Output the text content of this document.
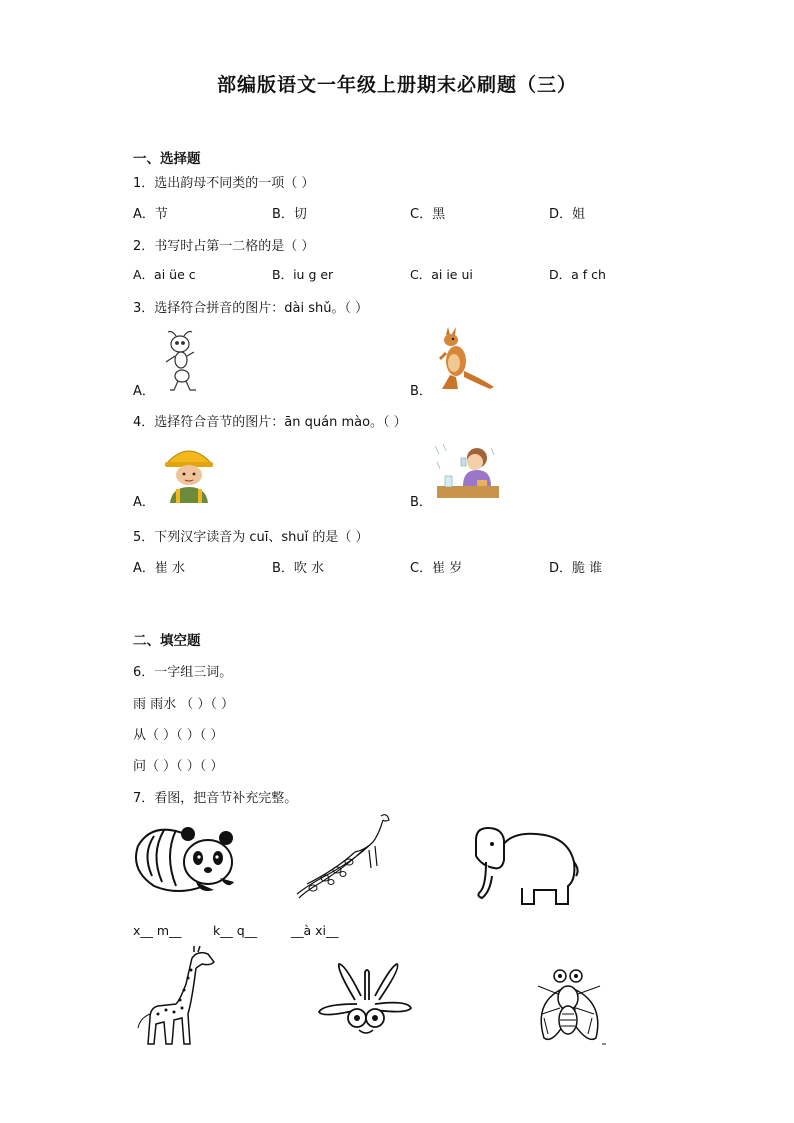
部编版语文一年级上册期末必刷题（三）
一、选择题
1．选出韵母不同类的一项（ ）
A．节	B．切	C．黑	D．姐
2．书写时占第一二格的是（ ）
A．ai üe c	B．iu g er	C．ai ie ui	D．a f ch
3．选择符合拼音的图片：dài shǔ。（ ）
A．	B．
4．选择符合音节的图片：ān quán mào。（ ）
A．	B．
5．下列汉字读音为 cuī、shuǐ 的是（ ）
A．崔 水	B．吹 水	C．崔 岁	D．脆 谁
二、填空题
6．一字组三词。
雨 雨水 （ ）（ ）
从（ ）（ ）（ ）
问（ ）（ ）（ ）
7．看图，把音节补充完整。
x__ m__	k__ q__	__à xi__
